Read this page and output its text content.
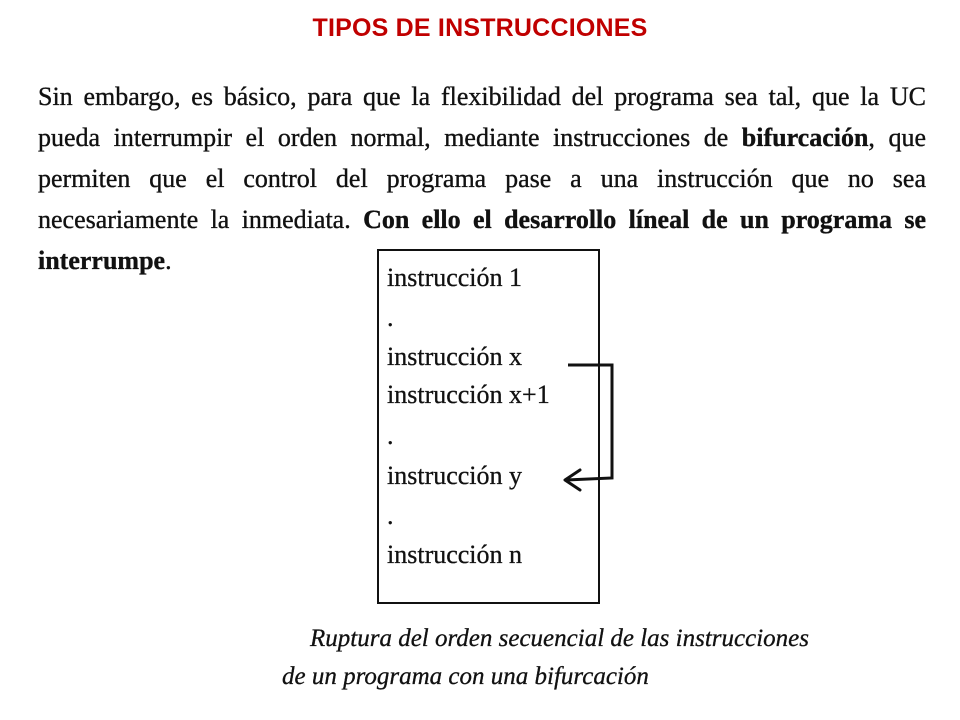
TIPOS DE INSTRUCCIONES
Sin embargo, es básico, para que la flexibilidad del programa sea tal, que la UC pueda interrumpir el orden normal, mediante instrucciones de bifurcación, que permiten que el control del programa pase a una instrucción que no sea necesariamente la inmediata. Con ello el desarrollo líneal de un programa se interrumpe.
instrucción 1
.
instrucción x
instrucción x+1
.
instrucción y
.
instrucción n
Ruptura del orden secuencial de las instrucciones
de un programa con una bifurcación
